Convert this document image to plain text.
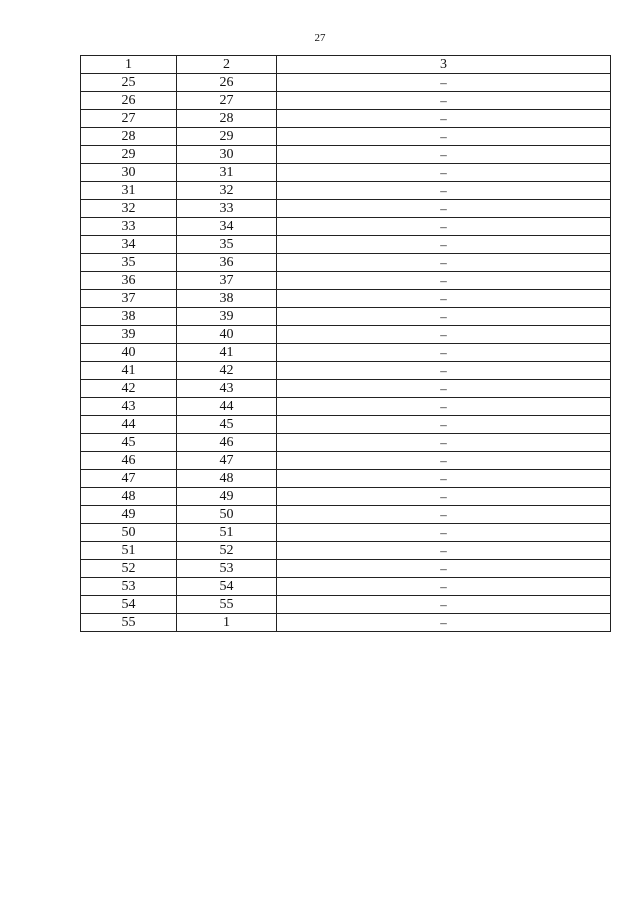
27
1	2	3
25	26	–
26	27	–
27	28	–
28	29	–
29	30	–
30	31	–
31	32	–
32	33	–
33	34	–
34	35	–
35	36	–
36	37	–
37	38	–
38	39	–
39	40	–
40	41	–
41	42	–
42	43	–
43	44	–
44	45	–
45	46	–
46	47	–
47	48	–
48	49	–
49	50	–
50	51	–
51	52	–
52	53	–
53	54	–
54	55	–
55	1	–
